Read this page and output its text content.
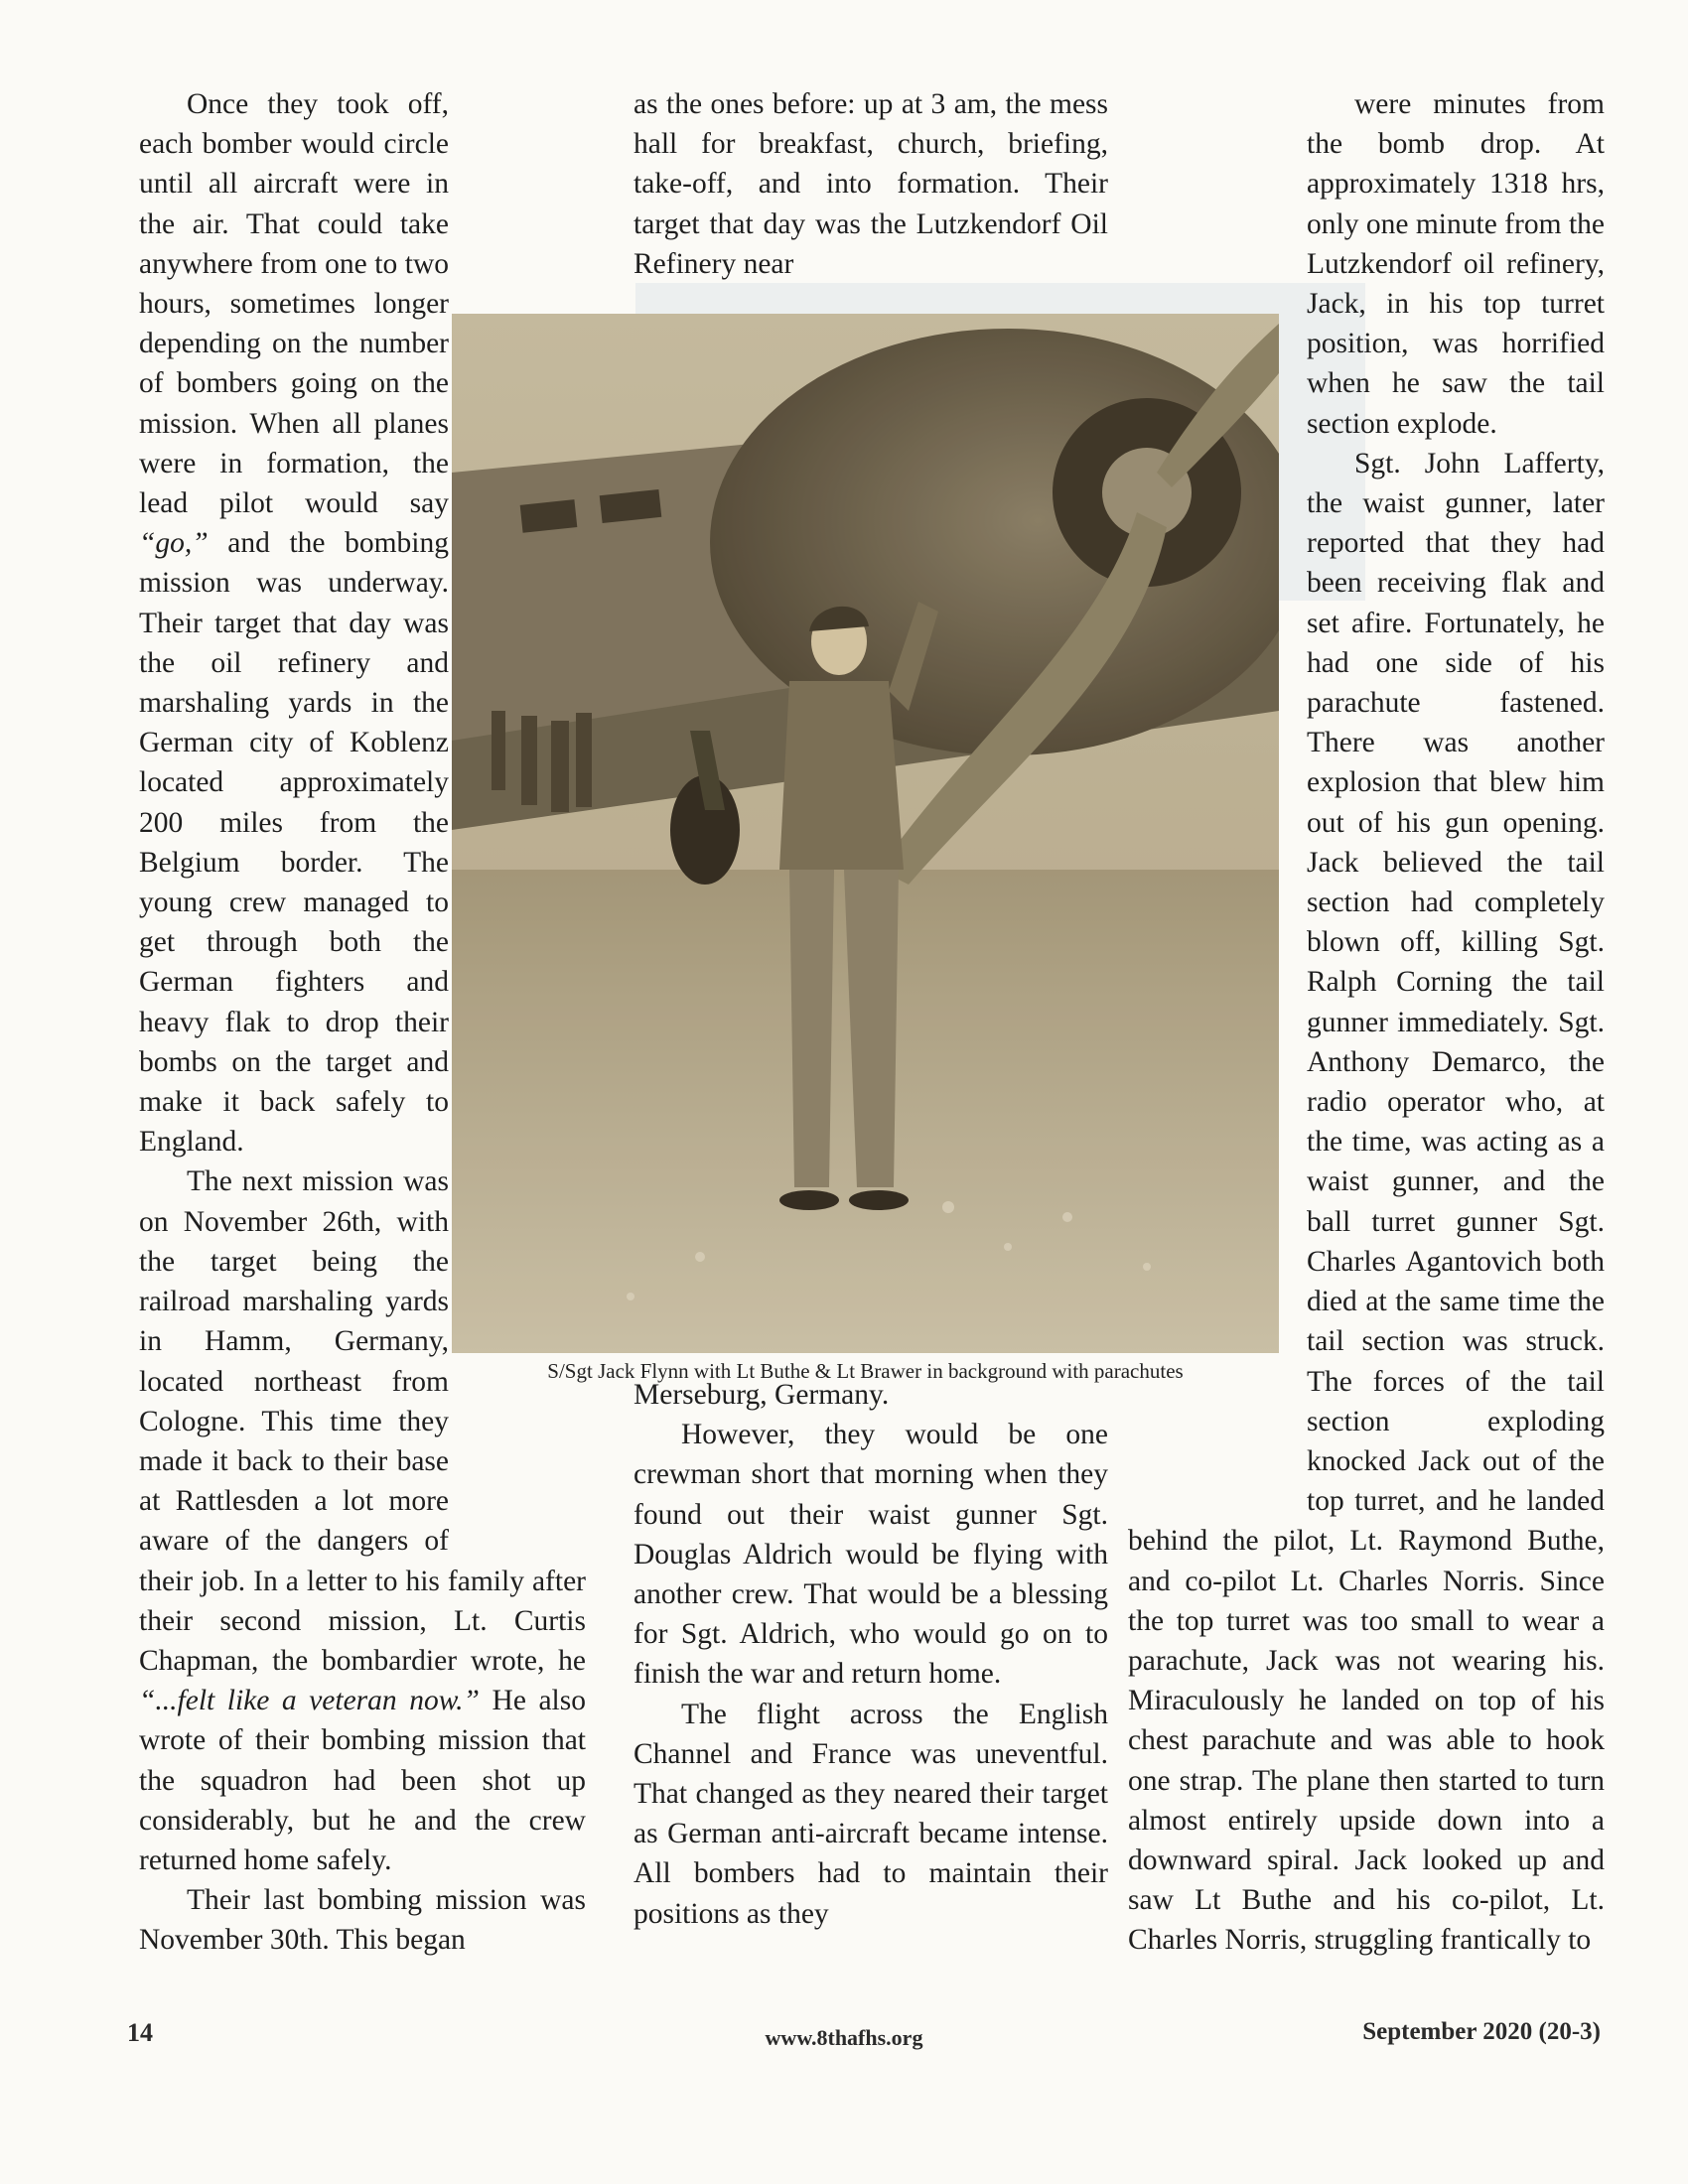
Once they took off, each bomber would circle until all aircraft were in the air. That could take anywhere from one to two hours, sometimes longer depending on the number of bombers going on the mission. When all planes were in formation, the lead pilot would say “go,” and the bombing mission was underway. Their target that day was the oil refinery and marshaling yards in the German city of Koblenz located approximately 200 miles from the Belgium border. The young crew managed to get through both the German fighters and heavy flak to drop their bombs on the target and make it back safely to England.

The next mission was on November 26th, with the target being the railroad marshaling yards in Hamm, Germany, located northeast from Cologne. This time they made it back to their base at Rattlesden a lot more aware of the dangers of their job. In a letter to his family after their second mission, Lt. Curtis Chapman, the bombardier wrote, he “...felt like a veteran now.” He also wrote of their bombing mission that the squadron had been shot up considerably, but he and the crew returned home safely.

Their last bombing mission was November 30th. This began

as the ones before: up at 3 am, the mess hall for breakfast, church, briefing, take-off, and into formation. Their target that day was the Lutzkendorf Oil Refinery near

Merseburg, Germany.

However, they would be one crewman short that morning when they found out their waist gunner Sgt. Douglas Aldrich would be flying with another crew. That would be a blessing for Sgt. Aldrich, who would go on to finish the war and return home.

The flight across the English Channel and France was uneventful. That changed as they neared their target as German anti-aircraft became intense. All bombers had to maintain their positions as they

were minutes from the bomb drop. At approximately 1318 hrs, only one minute from the Lutzkendorf oil refinery, Jack, in his top turret position, was horrified when he saw the tail section explode.

Sgt. John Lafferty, the waist gunner, later reported that they had been receiving flak and set afire. Fortunately, he had one side of his parachute fastened. There was another explosion that blew him out of his gun opening. Jack believed the tail section had completely blown off, killing Sgt. Ralph Corning the tail gunner immediately. Sgt. Anthony Demarco, the radio operator who, at the time, was acting as a waist gunner, and the ball turret gunner Sgt. Charles Agantovich both died at the same time the tail section was struck. The forces of the tail section exploding knocked Jack out of the top turret, and he landed behind the pilot, Lt. Raymond Buthe, and co-pilot Lt. Charles Norris. Since the top turret was too small to wear a parachute, Jack was not wearing his. Miraculously he landed on top of his chest parachute and was able to hook one strap. The plane then started to turn almost entirely upside down into a downward spiral. Jack looked up and saw Lt Buthe and his co-pilot, Lt. Charles Norris, struggling frantically to

S/Sgt Jack Flynn with Lt Buthe & Lt Brawer in background with parachutes
14	www.8thafhs.org	September 2020 (20-3)
